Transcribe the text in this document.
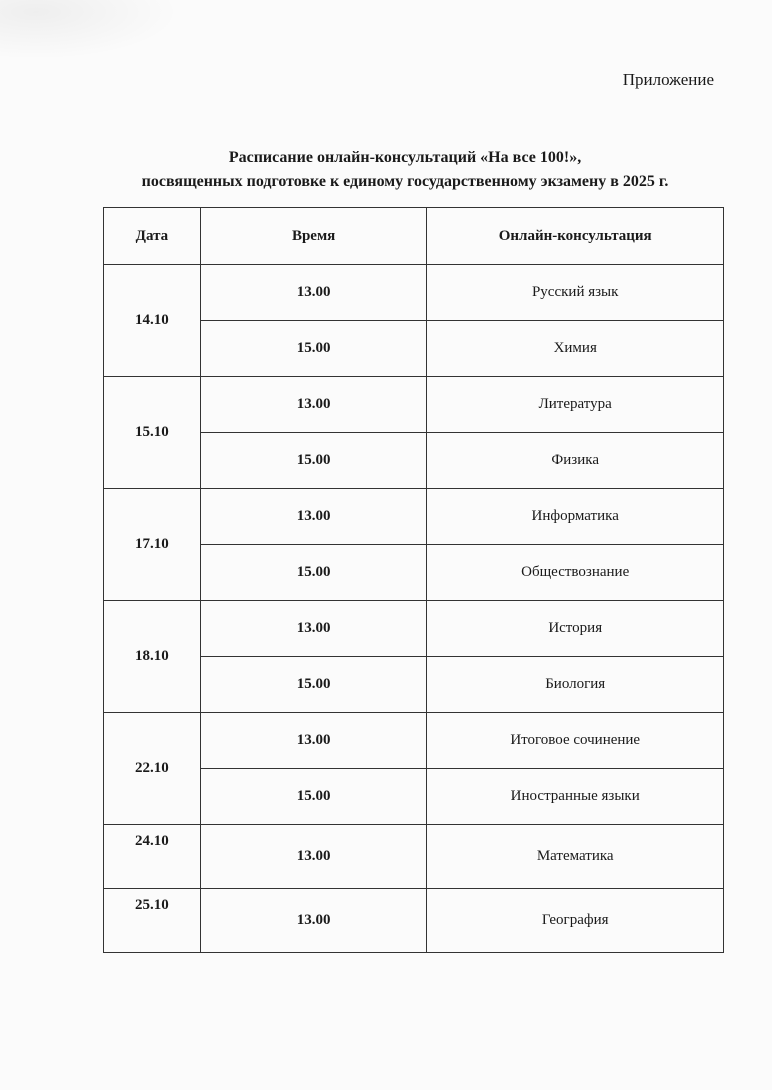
Приложение
Расписание онлайн-консультаций «На все 100!»,
посвященных подготовке к единому государственному экзамену в 2025 г.
Дата	Время	Онлайн-консультация
14.10	13.00	Русский язык
	15.00	Химия
15.10	13.00	Литература
	15.00	Физика
17.10	13.00	Информатика
	15.00	Обществознание
18.10	13.00	История
	15.00	Биология
22.10	13.00	Итоговое сочинение
	15.00	Иностранные языки
24.10	13.00	Математика
25.10	13.00	География
